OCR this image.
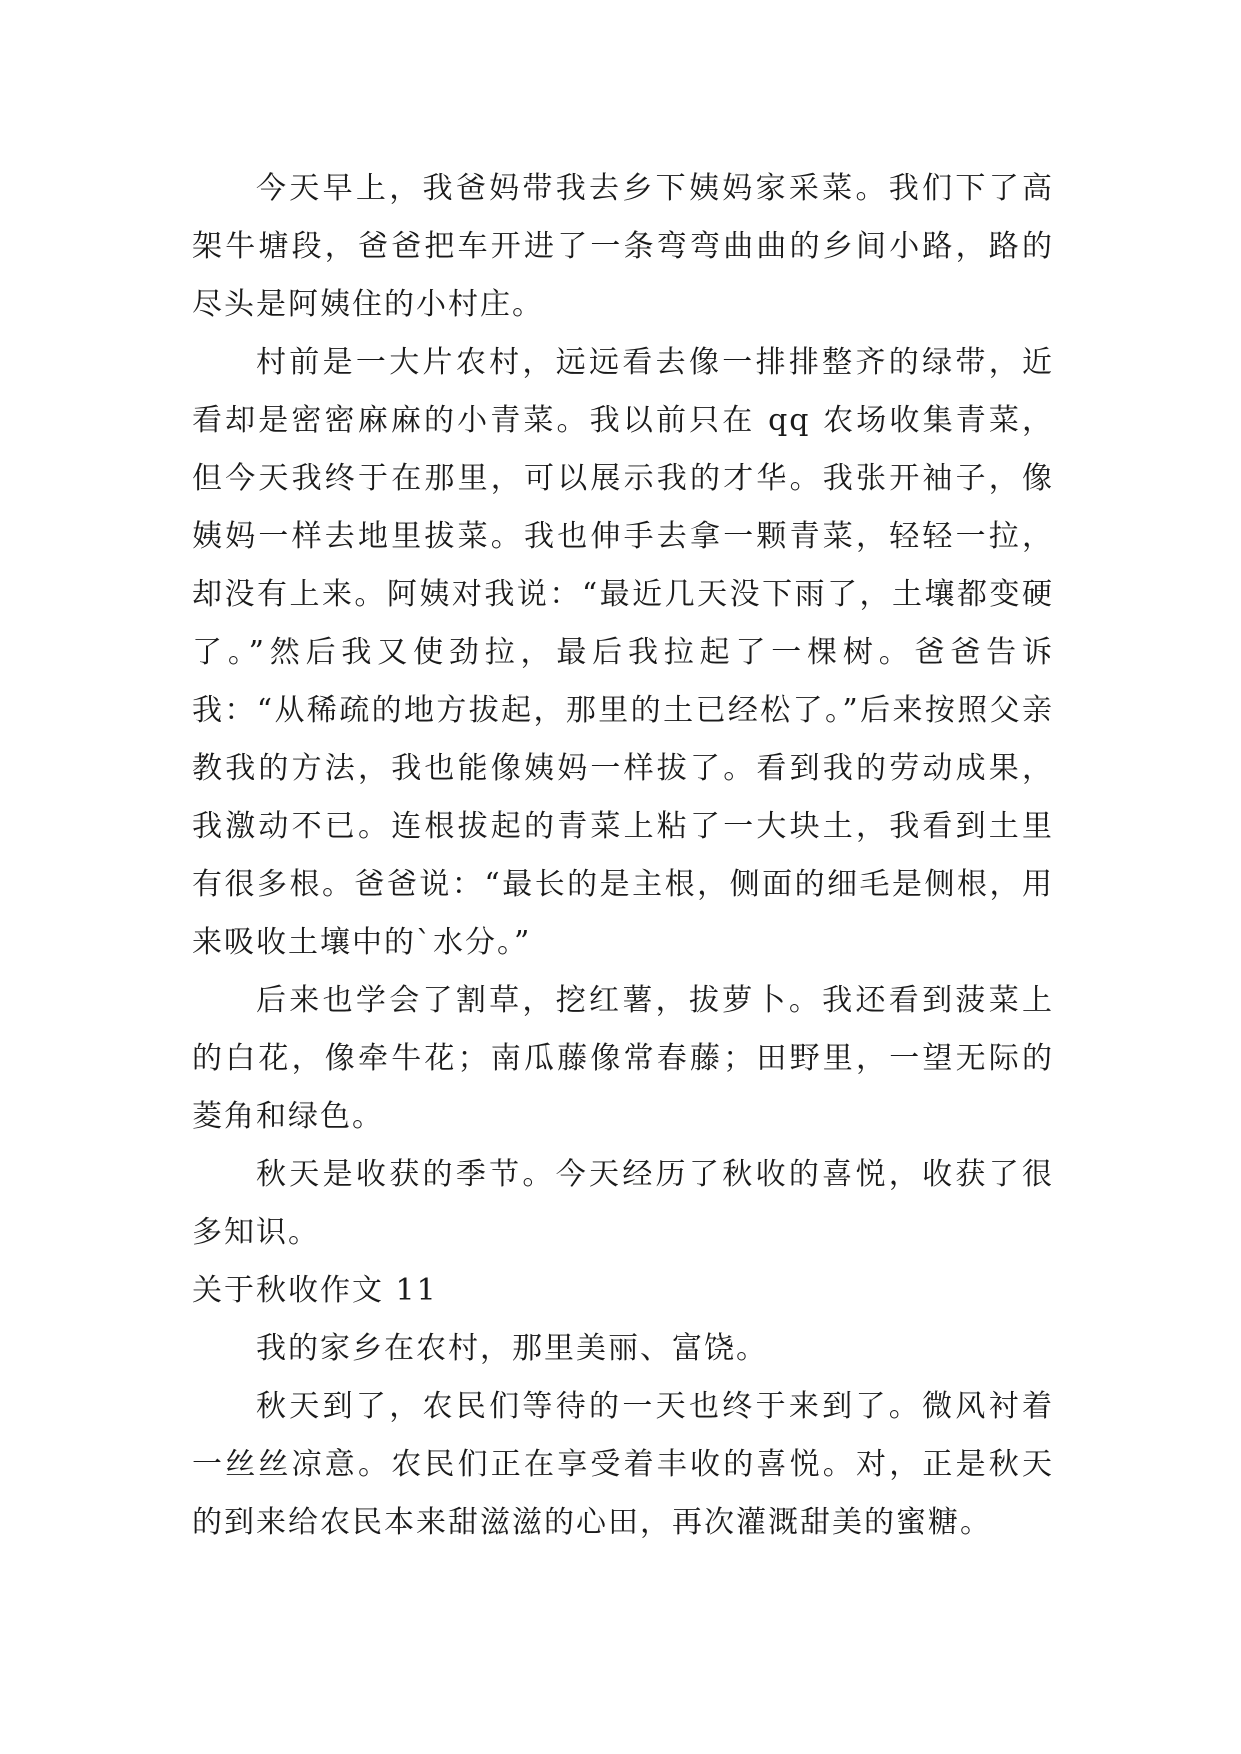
今天早上，我爸妈带我去乡下姨妈家采菜。我们下了高架牛塘段，爸爸把车开进了一条弯弯曲曲的乡间小路，路的尽头是阿姨住的小村庄。

村前是一大片农村，远远看去像一排排整齐的绿带，近看却是密密麻麻的小青菜。我以前只在 qq 农场收集青菜，但今天我终于在那里，可以展示我的才华。我张开袖子，像姨妈一样去地里拔菜。我也伸手去拿一颗青菜，轻轻一拉，却没有上来。阿姨对我说：“最近几天没下雨了，土壤都变硬了。”然后我又使劲拉，最后我拉起了一棵树。爸爸告诉我：“从稀疏的地方拔起，那里的土已经松了。”后来按照父亲教我的方法，我也能像姨妈一样拔了。看到我的劳动成果，我激动不已。连根拔起的青菜上粘了一大块土，我看到土里有很多根。爸爸说：“最长的是主根，侧面的细毛是侧根，用来吸收土壤中的`水分。”

后来也学会了割草，挖红薯，拔萝卜。我还看到菠菜上的白花，像牵牛花；南瓜藤像常春藤；田野里，一望无际的菱角和绿色。

秋天是收获的季节。今天经历了秋收的喜悦，收获了很多知识。

关于秋收作文 11

我的家乡在农村，那里美丽、富饶。

秋天到了，农民们等待的一天也终于来到了。微风衬着一丝丝凉意。农民们正在享受着丰收的喜悦。对，正是秋天的到来给农民本来甜滋滋的心田，再次灌溉甜美的蜜糖。
